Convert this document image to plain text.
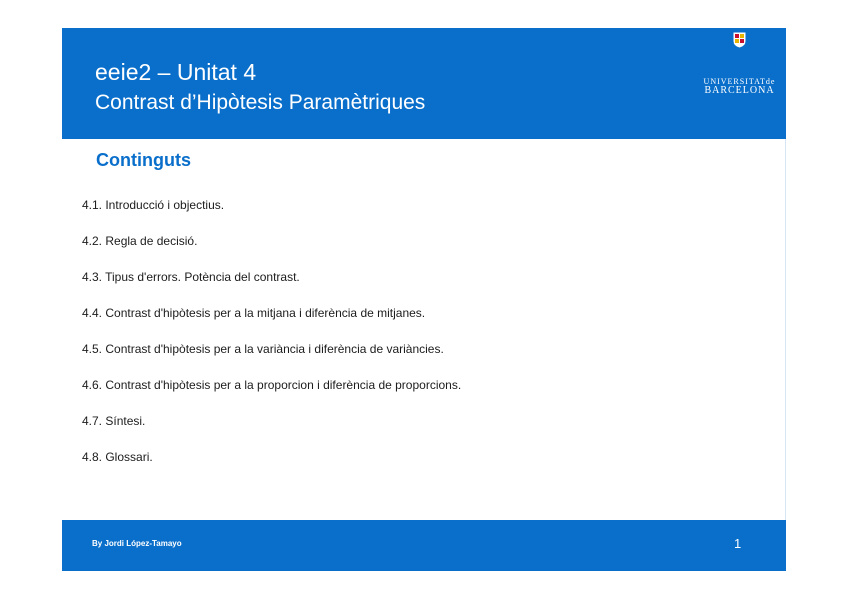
eeie2 – Unitat 4
Contrast d’Hipòtesis Paramètriques
UNIVERSITATde
BARCELONA
Continguts
4.1. Introducció i objectius.
4.2. Regla de decisió.
4.3. Tipus d'errors. Potència del contrast.
4.4. Contrast d'hipòtesis per a la mitjana i diferència de mitjanes.
4.5. Contrast d'hipòtesis per a la variància i diferència de variàncies.
4.6. Contrast d'hipòtesis per a la proporcion i diferència de proporcions.
4.7. Síntesi.
4.8. Glossari.
By Jordi López-Tamayo	1
